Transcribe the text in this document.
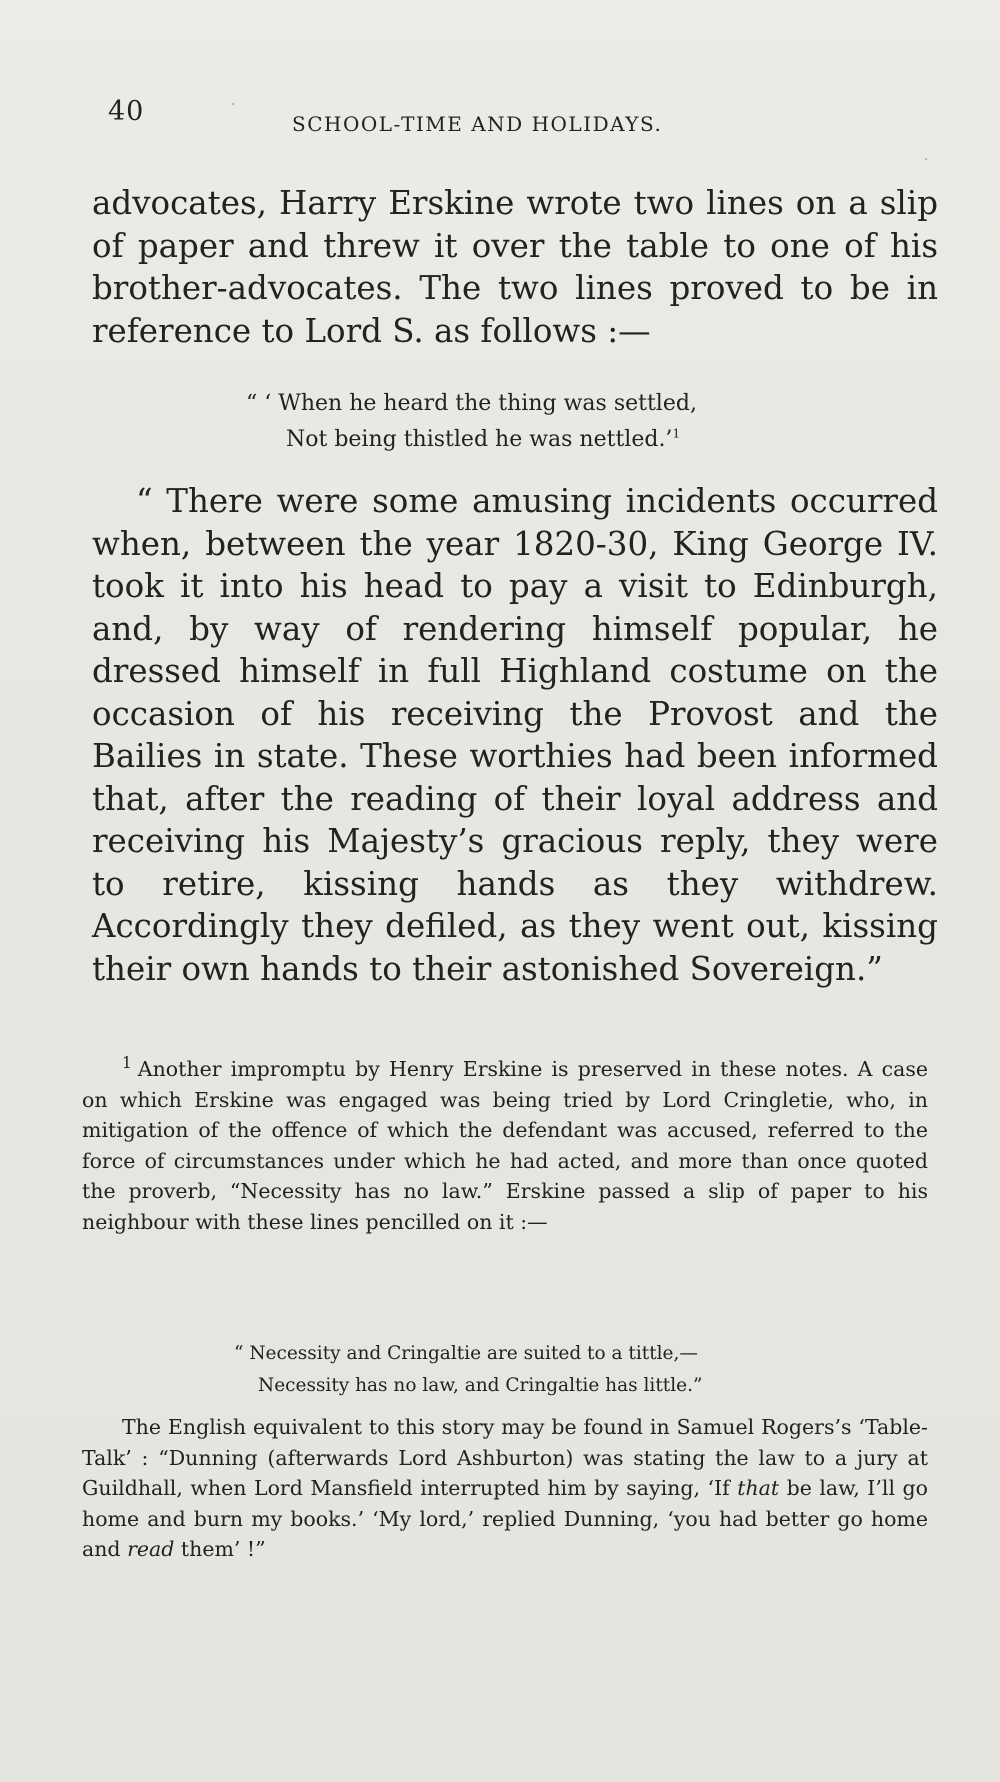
40	SCHOOL-TIME AND HOLIDAYS.

advocates, Harry Erskine wrote two lines on a slip of paper and threw it over the table to one of his brother-advocates. The two lines proved to be in reference to Lord S. as follows :—

“ ‘ When he heard the thing was settled,
Not being thistled he was nettled.’$^1$

“ There were some amusing incidents occurred when, between the year 1820-30, King George IV. took it into his head to pay a visit to Edinburgh, and, by way of rendering himself popular, he dressed himself in full Highland costume on the occasion of his receiving the Provost and the Bailies in state. These worthies had been informed that, after the reading of their loyal address and receiving his Majesty’s gracious reply, they were to retire, kissing hands as they withdrew. Accordingly they defiled, as they went out, kissing their own hands to their astonished Sovereign.”

$^1$ Another impromptu by Henry Erskine is preserved in these notes. A case on which Erskine was engaged was being tried by Lord Cringletie, who, in mitigation of the offence of which the defendant was accused, referred to the force of circumstances under which he had acted, and more than once quoted the proverb, “Necessity has no law.” Erskine passed a slip of paper to his neighbour with these lines pencilled on it :—

“ Necessity and Cringaltie are suited to a tittle,—
Necessity has no law, and Cringaltie has little.”

The English equivalent to this story may be found in Samuel Rogers’s ‘Table-Talk’ : “Dunning (afterwards Lord Ashburton) was stating the law to a jury at Guildhall, when Lord Mansfield interrupted him by saying, ‘If that be law, I’ll go home and burn my books.’ ‘My lord,’ replied Dunning, ‘you had better go home and read them’ !”
